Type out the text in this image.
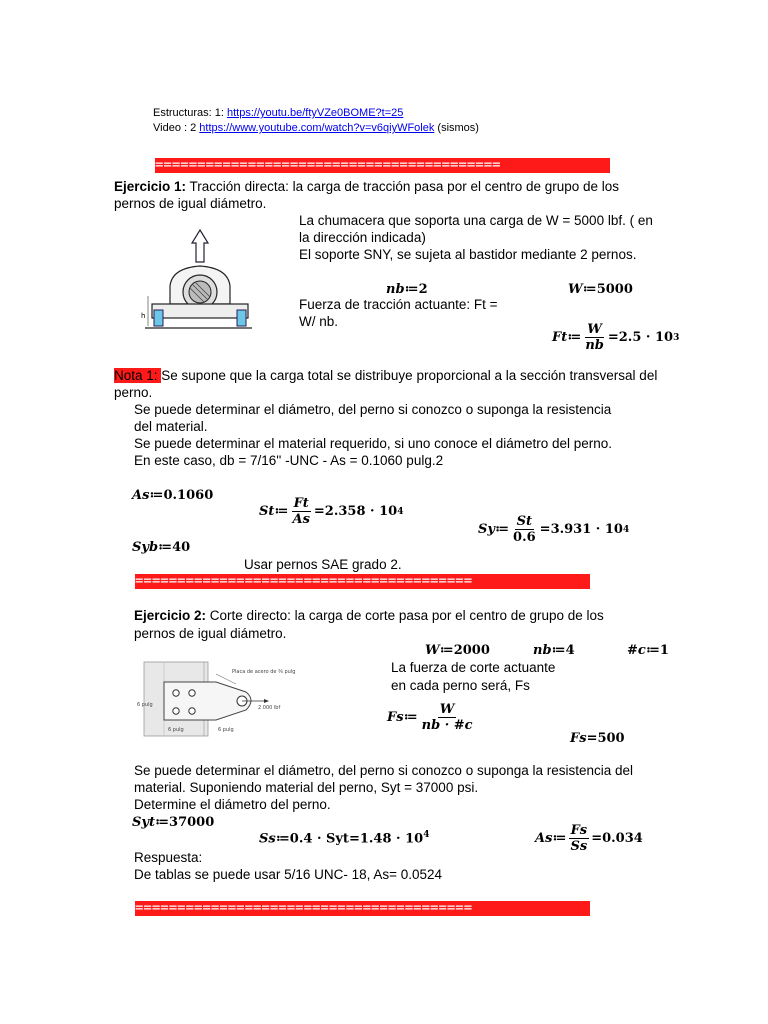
Estructuras: 1: https://youtu.be/ftyVZe0BOME?t=25
Video : 2 https://www.youtube.com/watch?v=v6qiyWFolek (sismos)
=========================================
Ejercicio 1: Tracción directa: la carga de tracción pasa por el centro de grupo de los
pernos de igual diámetro.
La chumacera que soporta una carga de W = 5000 lbf. ( en
la dirección indicada)
El soporte SNY, se sujeta al bastidor mediante 2 pernos.
h
nb≔2	W≔5000
Fuerza de tracción actuante: Ft =
W/ nb.
Ft ≔ $\frac{W}{nb} = 2.5 \cdot 10$ 3
Nota 1: Se supone que la carga total se distribuye proporcional a la sección transversal del
perno.
Se puede determinar el diámetro, del perno si conozco o suponga la resistencia
del material.
Se puede determinar el material requerido, si uno conoce el diámetro del perno.
En este caso, db = 7/16'' -UNC - As = 0.1060 pulg.2
As≔0.1060
St ≔ $\frac{Ft}{As} = 2.358 \cdot 10$ 4
Sy ≔ $\frac{St}{0.6} = 3.931 \cdot 10$ 4
Syb≔40
Usar pernos SAE grado 2.
========================================
Ejercicio 2: Corte directo: la carga de corte pasa por el centro de grupo de los
pernos de igual diámetro.
W≔2000	nb≔4	#c≔1
La fuerza de corte actuante
en cada perno será, Fs
Placa de acero de ⅜ pulg
6 pulg
6 pulg	6 pulg
2 000 lbf
Fs ≔ $\frac{W}{nb \cdot \#c}$
Fs=500
Se puede determinar el diámetro, del perno si conozco o suponga la resistencia del
material. Suponiendo material del perno, Syt = 37000 psi.
Determine el diámetro del perno.
Syt≔37000
Ss≔0.4 · $Syt=1.48 \cdot 10^4$	As ≔ $\frac{Fs}{Ss} = 0.034$
Respuesta:
De tablas se puede usar 5/16 UNC- 18, As= 0.0524
========================================
